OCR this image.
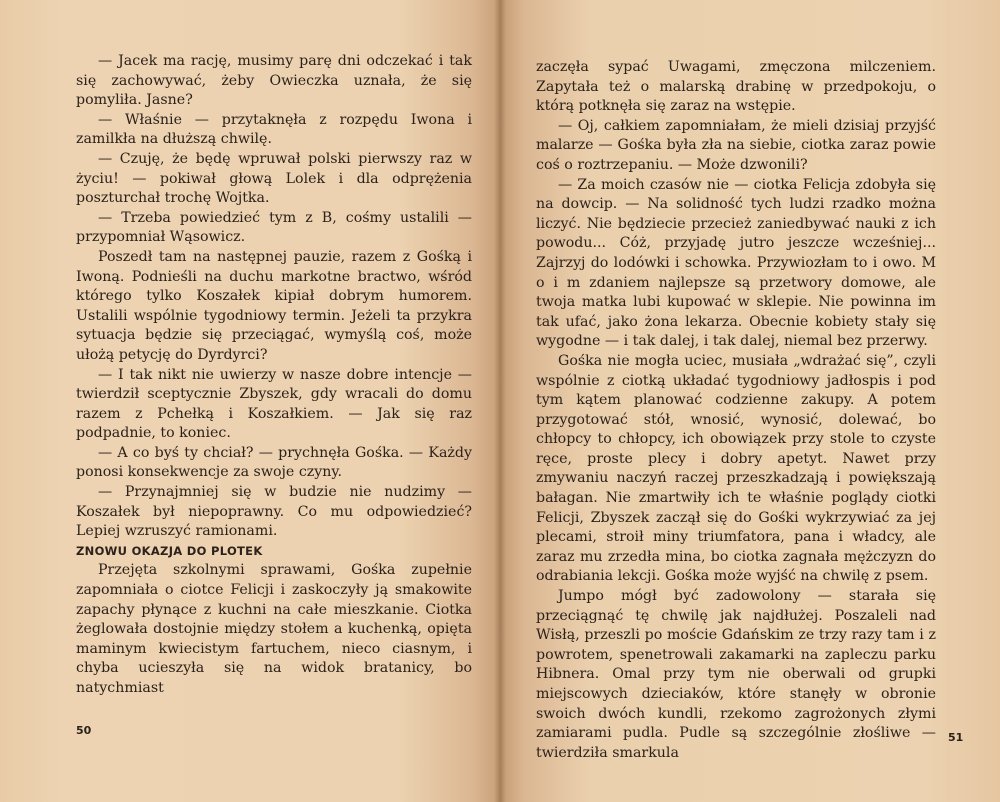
— Jacek ma rację, musimy parę dni odczekać i tak się zachowywać, żeby Owieczka uznała, że się pomyliła. Jasne?

— Właśnie — przytaknęła z rozpędu Iwona i zamilkła na dłuższą chwilę.

— Czuję, że będę wpruwał polski pierwszy raz w życiu! — pokiwał głową Lolek i dla odprężenia poszturchał trochę Wojtka.

— Trzeba powiedzieć tym z B, cośmy ustalili — przypomniał Wąsowicz.

Poszedł tam na następnej pauzie, razem z Gośką i Iwoną. Podnieśli na duchu markotne bractwo, wśród którego tylko Koszałek kipiał dobrym humorem. Ustalili wspólnie tygodniowy termin. Jeżeli ta przykra sytuacja będzie się przeciągać, wymyślą coś, może ułożą petycję do Dyrdyrci?

— I tak nikt nie uwierzy w nasze dobre intencje — twierdził sceptycznie Zbyszek, gdy wracali do domu razem z Pchełką i Koszałkiem. — Jak się raz podpadnie, to koniec.

— A co byś ty chciał? — prychnęła Gośka. — Każdy ponosi konsekwencje za swoje czyny.

— Przynajmniej się w budzie nie nudzimy — Koszałek był niepoprawny. Co mu odpowiedzieć? Lepiej wzruszyć ramionami.

ZNOWU OKAZJA DO PLOTEK

Przejęta szkolnymi sprawami, Gośka zupełnie zapomniała o ciotce Felicji i zaskoczyły ją smakowite zapachy płynące z kuchni na całe mieszkanie. Ciotka żeglowała dostojnie między stołem a kuchenką, opięta maminym kwiecistym fartuchem, nieco ciasnym, i chyba ucieszyła się na widok bratanicy, bo natychmiast

50

zaczęła sypać Uwagami, zmęczona milczeniem. Zapytała też o malarską drabinę w przedpokoju, o którą potknęła się zaraz na wstępie.

— Oj, całkiem zapomniałam, że mieli dzisiaj przyjść malarze — Gośka była zła na siebie, ciotka zaraz powie coś o roztrzepaniu. — Może dzwonili?

— Za moich czasów nie — ciotka Felicja zdobyła się na dowcip. — Na solidność tych ludzi rzadko można liczyć. Nie będziecie przecież zaniedbywać nauki z ich powodu... Cóż, przyjadę jutro jeszcze wcześniej... Zajrzyj do lodówki i schowka. Przywiozłam to i owo. M o i m zdaniem najlepsze są przetwory domowe, ale twoja matka lubi kupować w sklepie. Nie powinna im tak ufać, jako żona lekarza. Obecnie kobiety stały się wygodne — i tak dalej, i tak dalej, niemal bez przerwy.

Gośka nie mogła uciec, musiała „wdrażać się”, czyli wspólnie z ciotką układać tygodniowy jadłospis i pod tym kątem planować codzienne zakupy. A potem przygotować stół, wnosić, wynosić, dolewać, bo chłopcy to chłopcy, ich obowiązek przy stole to czyste ręce, proste plecy i dobry apetyt. Nawet przy zmywaniu naczyń raczej przeszkadzają i powiększają bałagan. Nie zmartwiły ich te właśnie poglądy ciotki Felicji, Zbyszek zaczął się do Gośki wykrzywiać za jej plecami, stroił miny triumfatora, pana i władcy, ale zaraz mu zrzedła mina, bo ciotka zagnała mężczyzn do odrabiania lekcji. Gośka może wyjść na chwilę z psem.

Jumpo mógł być zadowolony — starała się przeciągnąć tę chwilę jak najdłużej. Poszaleli nad Wisłą, przeszli po moście Gdańskim ze trzy razy tam i z powrotem, spenetrowali zakamarki na zapleczu parku Hibnera. Omal przy tym nie oberwali od grupki miejscowych dzieciaków, które stanęły w obronie swoich dwóch kundli, rzekomo zagrożonych złymi zamiarami pudla. Pudle są szczególnie złośliwe — twierdziła smarkula

51
